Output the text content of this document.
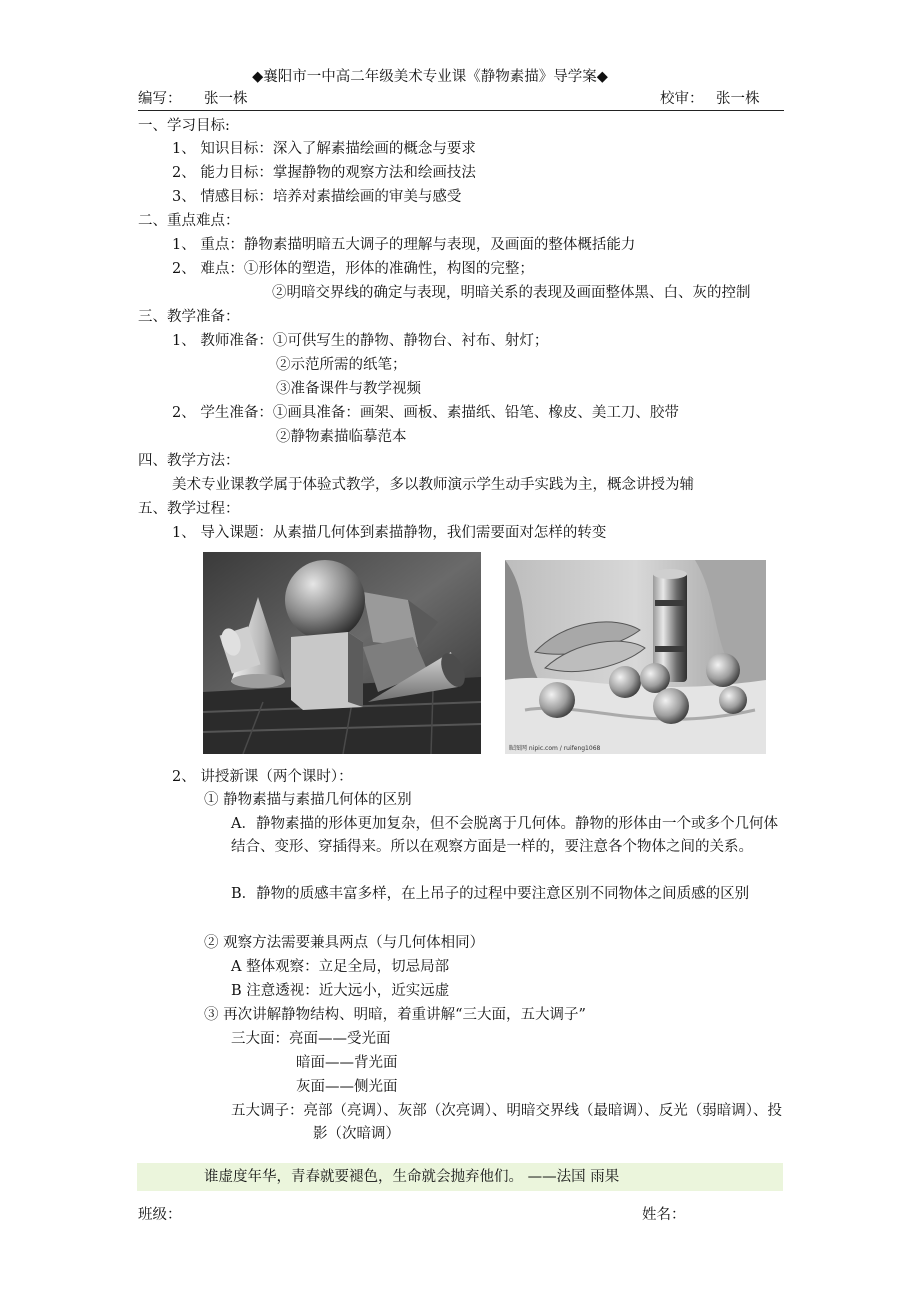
◆襄阳市一中高二年级美术专业课《静物素描》导学案◆
编写： 张一株	校审： 张一株
一、学习目标:
1、 知识目标：深入了解素描绘画的概念与要求
2、 能力目标：掌握静物的观察方法和绘画技法
3、 情感目标：培养对素描绘画的审美与感受
二、重点难点：
1、 重点：静物素描明暗五大调子的理解与表现，及画面的整体概括能力
2、 难点：①形体的塑造，形体的准确性，构图的完整；
②明暗交界线的确定与表现，明暗关系的表现及画面整体黑、白、灰的控制
三、教学准备：
1、 教师准备：①可供写生的静物、静物台、衬布、射灯；
②示范所需的纸笔；
③准备课件与教学视频
2、 学生准备：①画具准备：画架、画板、素描纸、铅笔、橡皮、美工刀、胶带
②静物素描临摹范本
四、教学方法：
美术专业课教学属于体验式教学，多以教师演示学生动手实践为主，概念讲授为辅
五、教学过程：
1、 导入课题：从素描几何体到素描静物，我们需要面对怎样的转变
昵图网 nipic.com / ruifeng1068
2、 讲授新课（两个课时）：
① 静物素描与素描几何体的区别
A．静物素描的形体更加复杂，但不会脱离于几何体。静物的形体由一个或多个几何体结合、变形、穿插得来。所以在观察方面是一样的，要注意各个物体之间的关系。
B．静物的质感丰富多样，在上吊子的过程中要注意区别不同物体之间质感的区别
② 观察方法需要兼具两点（与几何体相同）
A 整体观察：立足全局，切忌局部
B 注意透视：近大远小，近实远虚
③ 再次讲解静物结构、明暗，着重讲解“三大面，五大调子”
三大面：亮面——受光面
暗面——背光面
灰面——侧光面
五大调子：亮部（亮调）、灰部（次亮调）、明暗交界线（最暗调）、反光（弱暗调）、投影（次暗调）
谁虚度年华，青春就要褪色，生命就会抛弃他们。 ——法国 雨果
班级：	姓名：
